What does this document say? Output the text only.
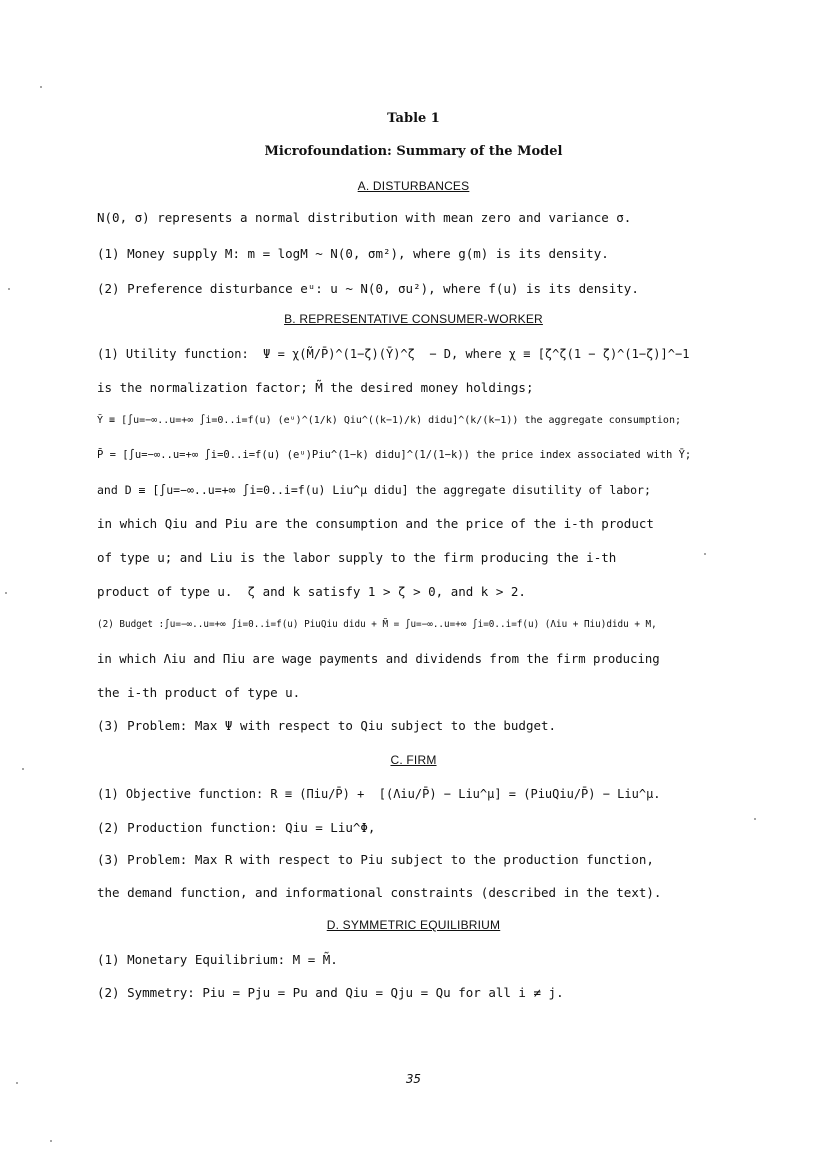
Table 1
Microfoundation: Summary of the Model
A. DISTURBANCES
N(0, σ) represents a normal distribution with mean zero and variance σ.
(1) Money supply M: m = logM ~ N(0, σm²), where g(m) is its density.
(2) Preference disturbance eᵘ: u ~ N(0, σu²), where f(u) is its density.
B. REPRESENTATIVE CONSUMER-WORKER
(1) Utility function:  Ψ = χ(M̃/P̄)^(1−ζ)(Ȳ)^ζ  − D, where χ ≡ [ζ^ζ(1 − ζ)^(1−ζ)]^−1
is the normalization factor; M̃ the desired money holdings;
Ȳ ≡ [∫u=−∞..u=+∞ ∫i=0..i=f(u) (eᵘ)^(1/k) Qiu^((k−1)/k) didu]^(k/(k−1)) the aggregate consumption;
P̄ = [∫u=−∞..u=+∞ ∫i=0..i=f(u) (eᵘ)Piu^(1−k) didu]^(1/(1−k)) the price index associated with Ȳ;
and D ≡ [∫u=−∞..u=+∞ ∫i=0..i=f(u) Liu^μ didu] the aggregate disutility of labor;
in which Qiu and Piu are the consumption and the price of the i-th product
of type u; and Liu is the labor supply to the firm producing the i-th
product of type u.  ζ and k satisfy 1 > ζ > 0, and k > 2.
(2) Budget :∫u=−∞..u=+∞ ∫i=0..i=f(u) PiuQiu didu + M̃ = ∫u=−∞..u=+∞ ∫i=0..i=f(u) (Λiu + Πiu)didu + M,
in which Λiu and Πiu are wage payments and dividends from the firm producing
the i-th product of type u.
(3) Problem: Max Ψ with respect to Qiu subject to the budget.
C. FIRM
(1) Objective function: R ≡ (Πiu/P̄) +  [(Λiu/P̄) − Liu^μ] = (PiuQiu/P̄) − Liu^μ.
(2) Production function: Qiu = Liu^Φ,
(3) Problem: Max R with respect to Piu subject to the production function,
the demand function, and informational constraints (described in the text).
D. SYMMETRIC EQUILIBRIUM
(1) Monetary Equilibrium: M = M̃.
(2) Symmetry: Piu = Pju = Pu and Qiu = Qju = Qu for all i ≠ j.
35
